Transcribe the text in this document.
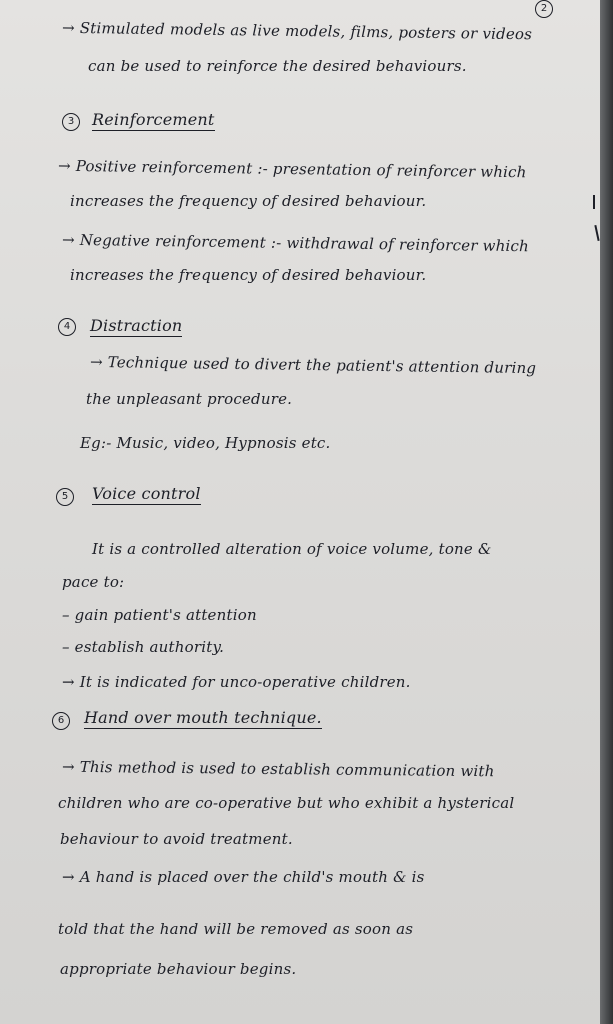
2
→ Stimulated models as live models, films, posters or videos
can be used to reinforce the desired behaviours.
3	Reinforcement
→ Positive reinforcement :- presentation of reinforcer which
increases the frequency of desired behaviour.
→ Negative reinforcement :- withdrawal of reinforcer which
increases the frequency of desired behaviour.
4	Distraction
→ Technique used to divert the patient's attention during
the unpleasant procedure.
Eg:- Music, video, Hypnosis etc.
5	Voice control
It is a controlled alteration of voice volume, tone &
pace to:
– gain patient's attention
– establish authority.
→ It is indicated for unco-operative children.
6	Hand over mouth technique.
→ This method is used to establish communication with
children who are co-operative but who exhibit a hysterical
behaviour to avoid treatment.
→ A hand is placed over the child's mouth & is
told that the hand will be removed as soon as
appropriate behaviour begins.
